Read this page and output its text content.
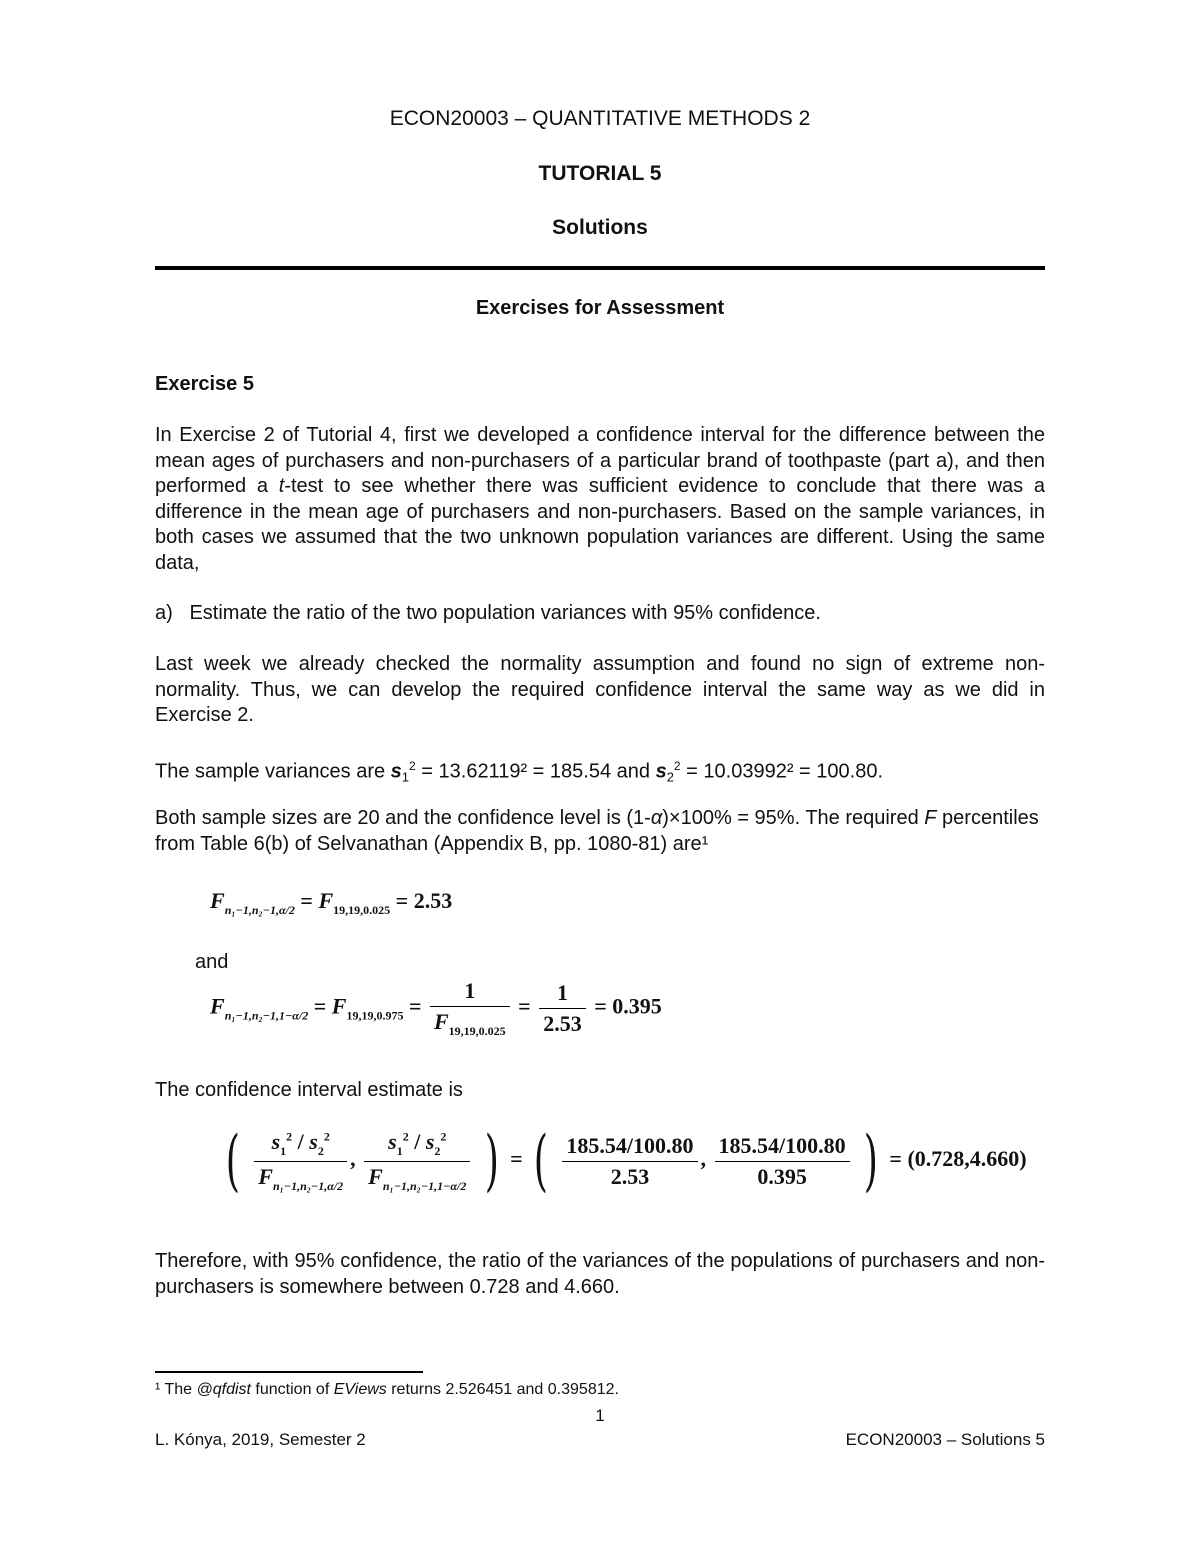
ECON20003 – QUANTITATIVE METHODS 2
TUTORIAL 5
Solutions
Exercises for Assessment
Exercise 5
In Exercise 2 of Tutorial 4, first we developed a confidence interval for the difference between the mean ages of purchasers and non-purchasers of a particular brand of toothpaste (part a), and then performed a t-test to see whether there was sufficient evidence to conclude that there was a difference in the mean age of purchasers and non-purchasers. Based on the sample variances, in both cases we assumed that the two unknown population variances are different. Using the same data,
a) Estimate the ratio of the two population variances with 95% confidence.
Last week we already checked the normality assumption and found no sign of extreme non-normality. Thus, we can develop the required confidence interval the same way as we did in Exercise 2.
The sample variances are $s_1^2 = 13.62119^2 = 185.54$ and $s_2^2 = 10.03992^2 = 100.80$.
Both sample sizes are 20 and the confidence level is (1-α)×100% = 95%. The required F percentiles from Table 6(b) of Selvanathan (Appendix B, pp. 1080-81) are¹
$F_{n_1-1,n_2-1,\alpha/2} = F_{19,19,0.025} = 2.53$
and
$F_{n_1-1,n_2-1,1-\alpha/2} = F_{19,19,0.975} = \frac{1}{F_{19,19,0.025}} = \frac{1}{2.53} = 0.395$
The confidence interval estimate is
( $\frac{s_1^2 / s_2^2}{F_{n_1-1,n_2-1,\alpha/2}}$ , $\frac{s_1^2 / s_2^2}{F_{n_1-1,n_2-1,1-\alpha/2}}$ ) = ( $\frac{185.54/100.80}{2.53}$ , $\frac{185.54/100.80}{0.395}$ ) = (0.728,4.660)
Therefore, with 95% confidence, the ratio of the variances of the populations of purchasers and non-purchasers is somewhere between 0.728 and 4.660.
¹ The @qfdist function of EViews returns 2.526451 and 0.395812.
1
L. Kónya, 2019, Semester 2	ECON20003 – Solutions 5
